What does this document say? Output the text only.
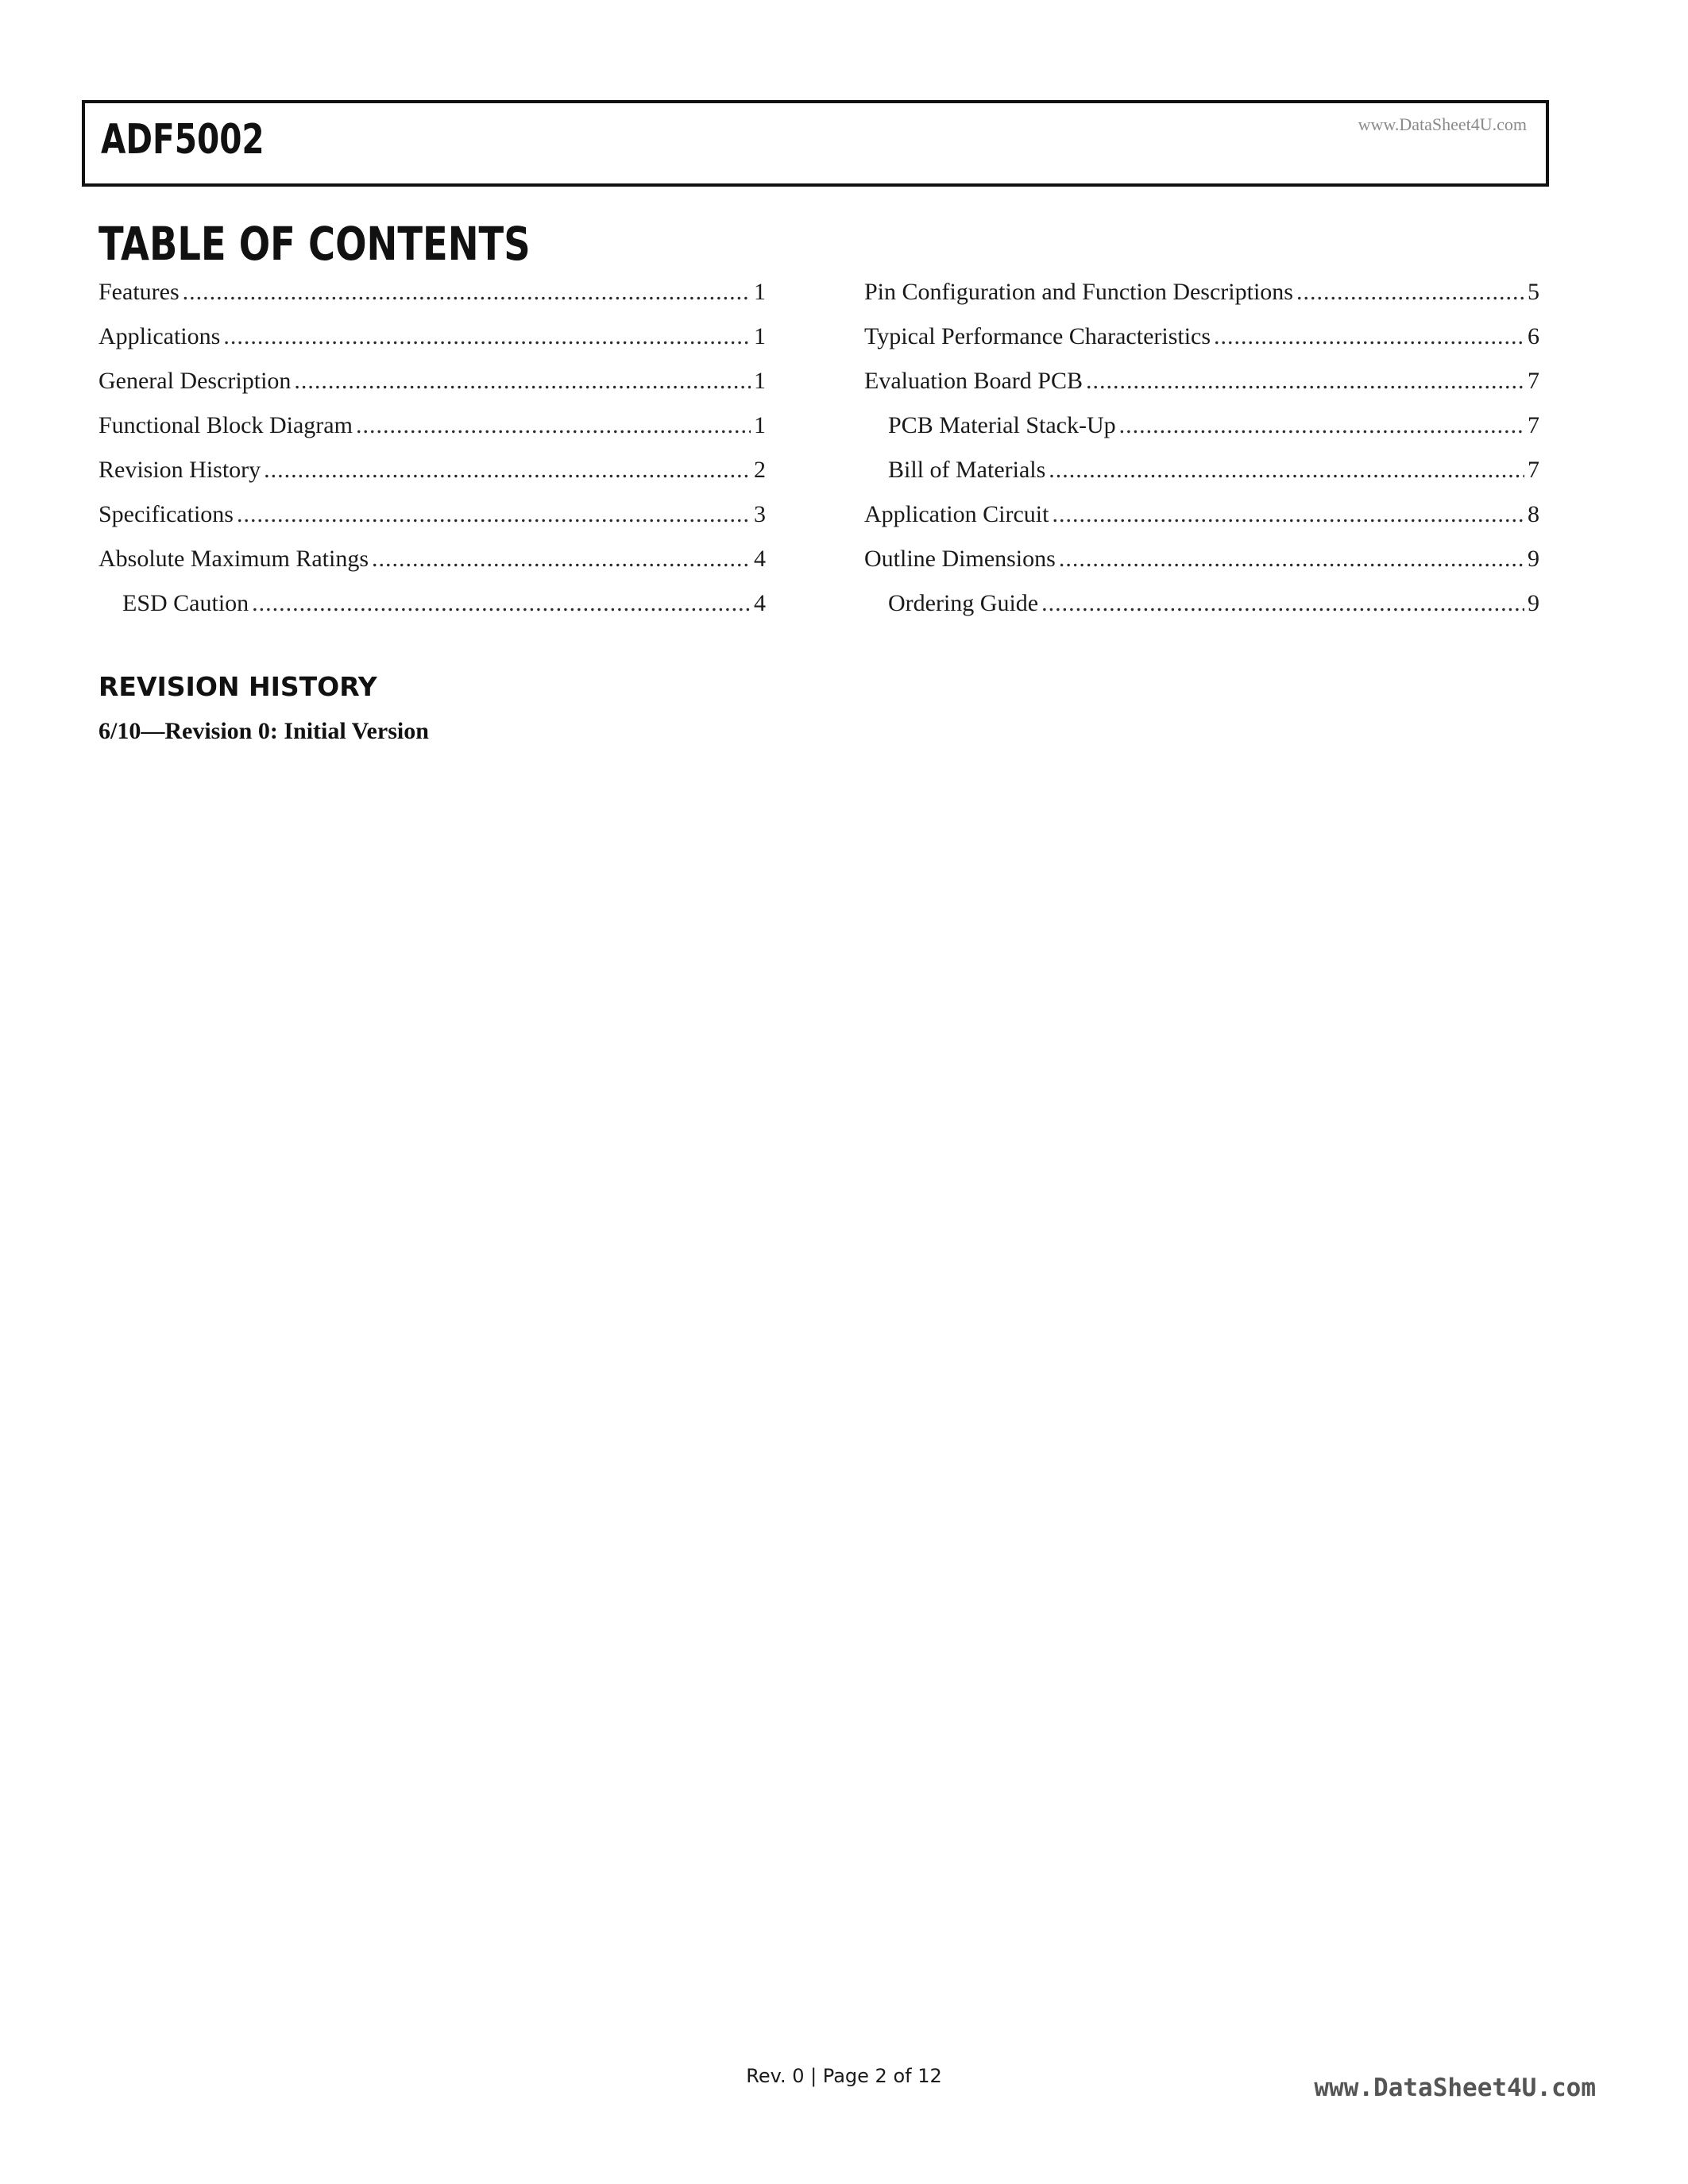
ADF5002	www.DataSheet4U.com
TABLE OF CONTENTS
Features .....	1
Applications .....	1
General Description .....	1
Functional Block Diagram .....	1
Revision History .....	2
Specifications .....	3
Absolute Maximum Ratings .....	4
ESD Caution .....	4
Pin Configuration and Function Descriptions .....	5
Typical Performance Characteristics .....	6
Evaluation Board PCB .....	7
PCB Material Stack-Up .....	7
Bill of Materials .....	7
Application Circuit .....	8
Outline Dimensions .....	9
Ordering Guide .....	9
REVISION HISTORY
6/10—Revision 0: Initial Version
Rev. 0 | Page 2 of 12	www.DataSheet4U.com
